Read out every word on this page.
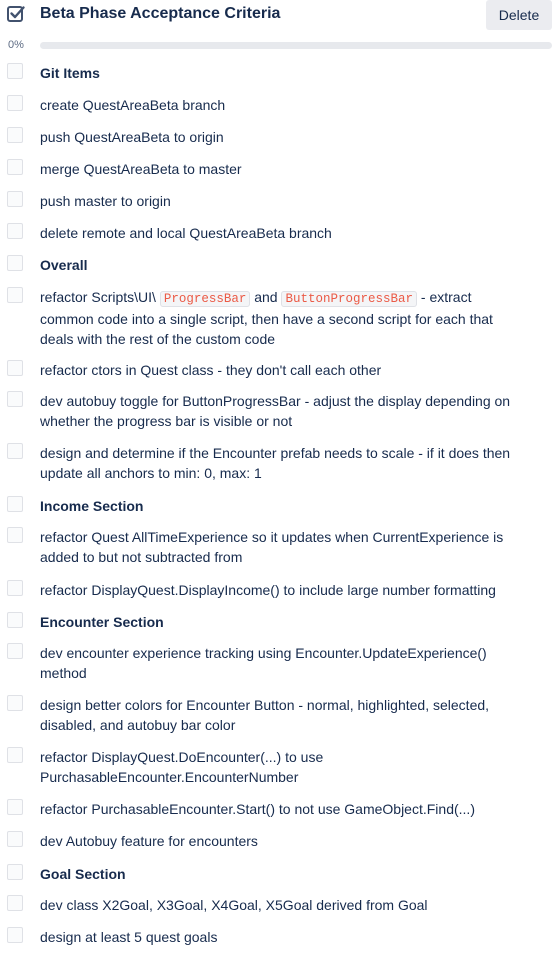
Beta Phase Acceptance Criteria	Delete
0%
Git Items
create QuestAreaBeta branch
push QuestAreaBeta to origin
merge QuestAreaBeta to master
push master to origin
delete remote and local QuestAreaBeta branch
Overall
refactor Scripts\UI\ ProgressBar and ButtonProgressBar - extract common code into a single script, then have a second script for each that deals with the rest of the custom code
refactor ctors in Quest class - they don't call each other
dev autobuy toggle for ButtonProgressBar - adjust the display depending on whether the progress bar is visible or not
design and determine if the Encounter prefab needs to scale - if it does then update all anchors to min: 0, max: 1
Income Section
refactor Quest AllTimeExperience so it updates when CurrentExperience is added to but not subtracted from
refactor DisplayQuest.DisplayIncome() to include large number formatting
Encounter Section
dev encounter experience tracking using Encounter.UpdateExperience() method
design better colors for Encounter Button - normal, highlighted, selected, disabled, and autobuy bar color
refactor DisplayQuest.DoEncounter(...) to use PurchasableEncounter.EncounterNumber
refactor PurchasableEncounter.Start() to not use GameObject.Find(...)
dev Autobuy feature for encounters
Goal Section
dev class X2Goal, X3Goal, X4Goal, X5Goal derived from Goal
design at least 5 quest goals
